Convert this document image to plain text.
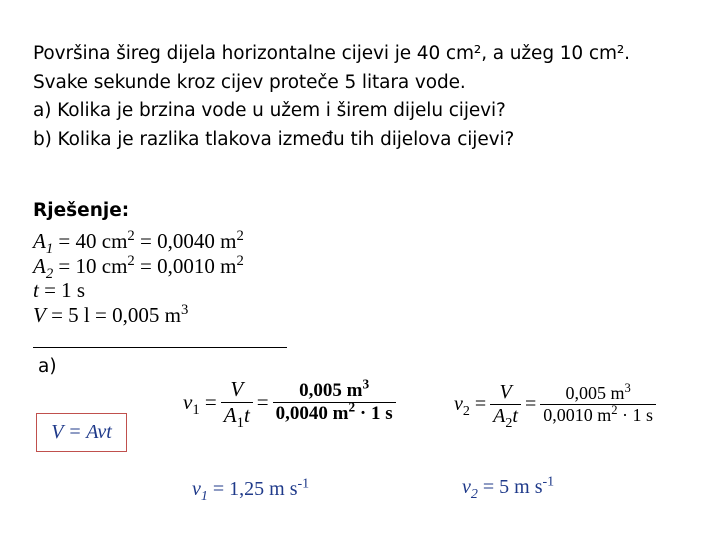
Površina šireg dijela horizontalne cijevi je 40 cm², a užeg 10 cm².
Svake sekunde kroz cijev proteče 5 litara vode.
a) Kolika je brzina vode u užem i širem dijelu cijevi?
b) Kolika je razlika tlakova između tih dijelova cijevi?
Rješenje:
$A_1 = 40$ $cm^2 = 0,0040$ $m^2$
$A_2 = 10$ $cm^2 = 0,0010$ $m^2$
t = 1 s
V = 5 l = 0,005 $m^3$
a)
V = Avt
$v_1 = \frac{V}{A_1t} = \frac{0,005 m^3}{0,0040 m^2 \cdot 1 s}$	$v_2 = \frac{V}{A_2t} = \frac{0,005 m^3}{0,0010 m^2 \cdot 1 s}$
$v_1 = 1,25$ m $s^{-1}$	$v_2 = 5$ m $s^{-1}$
